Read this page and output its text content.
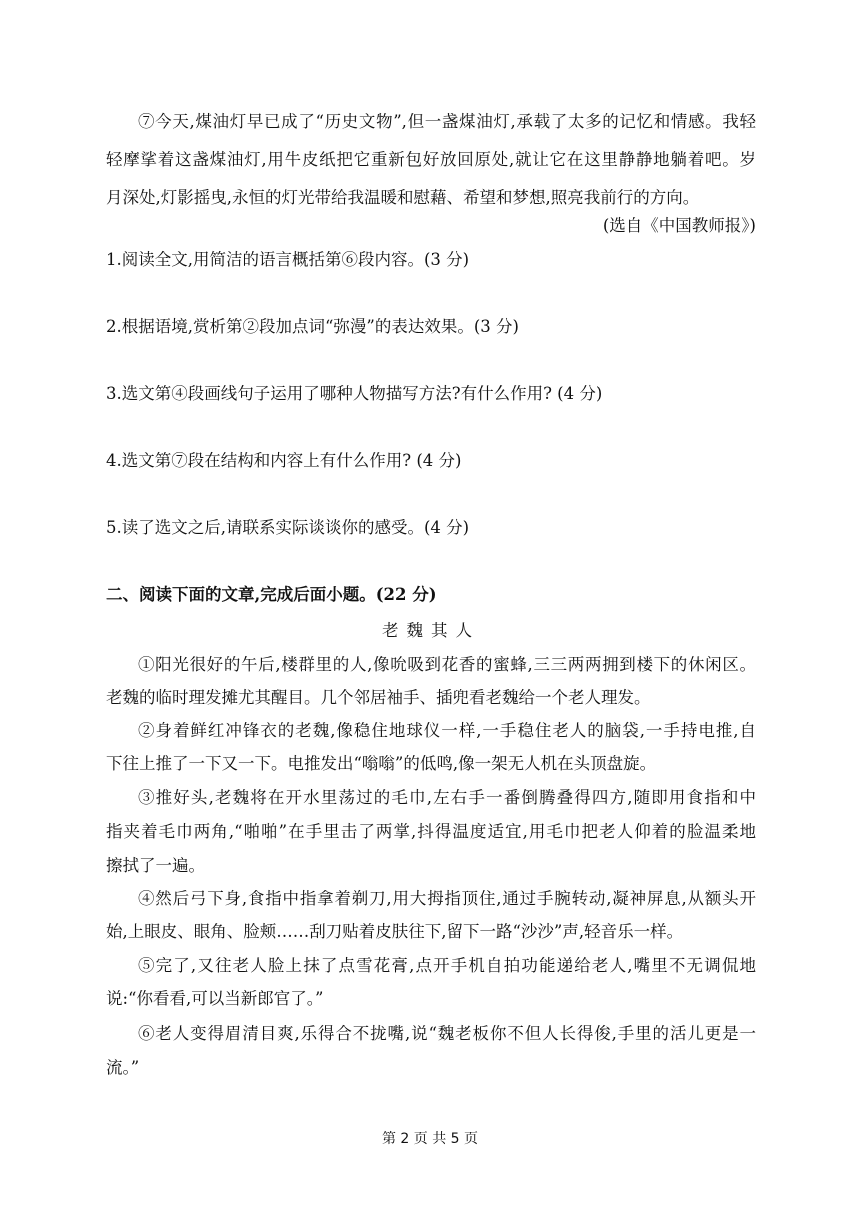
⑦今天,煤油灯早已成了“历史文物”,但一盏煤油灯,承载了太多的记忆和情感。我轻
轻摩挲着这盏煤油灯,用牛皮纸把它重新包好放回原处,就让它在这里静静地躺着吧。岁
月深处,灯影摇曳,永恒的灯光带给我温暖和慰藉、希望和梦想,照亮我前行的方向。
(选自《中国教师报》)
1.阅读全文,用简洁的语言概括第⑥段内容。(3 分)
2.根据语境,赏析第②段加点词“弥漫”的表达效果。(3 分)
3.选文第④段画线句子运用了哪种人物描写方法?有什么作用? (4 分)
4.选文第⑦段在结构和内容上有什么作用? (4 分)
5.读了选文之后,请联系实际谈谈你的感受。(4 分)
二、阅读下面的文章,完成后面小题。(22 分)
老魏其人
①阳光很好的午后,楼群里的人,像吮吸到花香的蜜蜂,三三两两拥到楼下的休闲区。
老魏的临时理发摊尤其醒目。几个邻居袖手、插兜看老魏给一个老人理发。
②身着鲜红冲锋衣的老魏,像稳住地球仪一样,一手稳住老人的脑袋,一手持电推,自
下往上推了一下又一下。电推发出“嗡嗡”的低鸣,像一架无人机在头顶盘旋。
③推好头,老魏将在开水里荡过的毛巾,左右手一番倒腾叠得四方,随即用食指和中
指夹着毛巾两角,“啪啪”在手里击了两掌,抖得温度适宜,用毛巾把老人仰着的脸温柔地
擦拭了一遍。
④然后弓下身,食指中指拿着剃刀,用大拇指顶住,通过手腕转动,凝神屏息,从额头开
始,上眼皮、眼角、脸颊……刮刀贴着皮肤往下,留下一路“沙沙”声,轻音乐一样。
⑤完了,又往老人脸上抹了点雪花膏,点开手机自拍功能递给老人,嘴里不无调侃地
说:“你看看,可以当新郎官了。”
⑥老人变得眉清目爽,乐得合不拢嘴,说“魏老板你不但人长得俊,手里的活儿更是一
流。”
第 2 页 共 5 页
